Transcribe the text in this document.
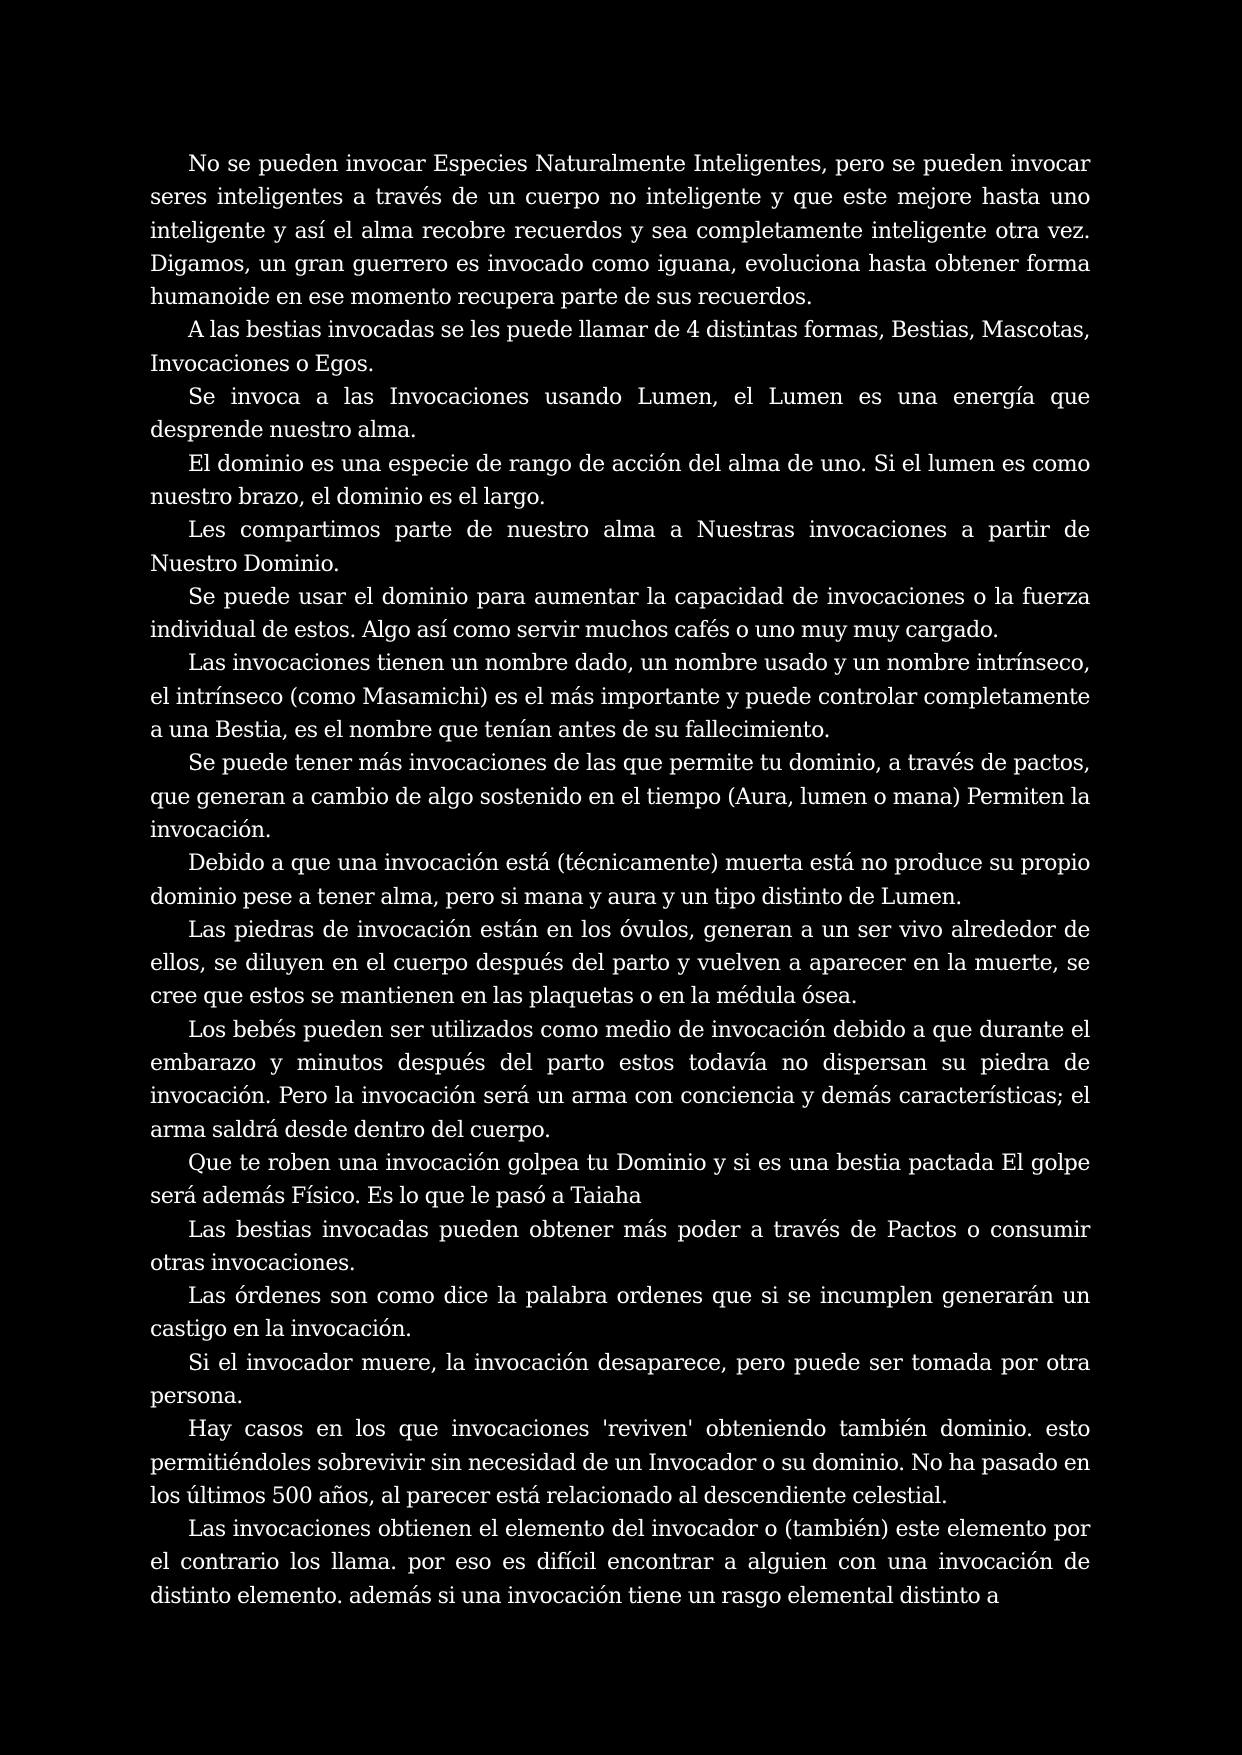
No se pueden invocar Especies Naturalmente Inteligentes, pero se pueden invocar seres inteligentes a través de un cuerpo no inteligente y que este mejore hasta uno inteligente y así el alma recobre recuerdos y sea completamente inteligente otra vez. Digamos, un gran guerrero es invocado como iguana, evoluciona hasta obtener forma humanoide en ese momento recupera parte de sus recuerdos.

A las bestias invocadas se les puede llamar de 4 distintas formas, Bestias, Mascotas, Invocaciones o Egos.

Se invoca a las Invocaciones usando Lumen, el Lumen es una energía que desprende nuestro alma.

El dominio es una especie de rango de acción del alma de uno. Si el lumen es como nuestro brazo, el dominio es el largo.

Les compartimos parte de nuestro alma a Nuestras invocaciones a partir de Nuestro Dominio.

Se puede usar el dominio para aumentar la capacidad de invocaciones o la fuerza individual de estos. Algo así como servir muchos cafés o uno muy muy cargado.

Las invocaciones tienen un nombre dado, un nombre usado y un nombre intrínseco, el intrínseco (como Masamichi) es el más importante y puede controlar completamente a una Bestia, es el nombre que tenían antes de su fallecimiento.

Se puede tener más invocaciones de las que permite tu dominio, a través de pactos, que generan a cambio de algo sostenido en el tiempo (Aura, lumen o mana) Permiten la invocación.

Debido a que una invocación está (técnicamente) muerta está no produce su propio dominio pese a tener alma, pero si mana y aura y un tipo distinto de Lumen.

Las piedras de invocación están en los óvulos, generan a un ser vivo alrededor de ellos, se diluyen en el cuerpo después del parto y vuelven a aparecer en la muerte, se cree que estos se mantienen en las plaquetas o en la médula ósea.

Los bebés pueden ser utilizados como medio de invocación debido a que durante el embarazo y minutos después del parto estos todavía no dispersan su piedra de invocación. Pero la invocación será un arma con conciencia y demás características; el arma saldrá desde dentro del cuerpo.

Que te roben una invocación golpea tu Dominio y si es una bestia pactada El golpe será además Físico. Es lo que le pasó a Taiaha

Las bestias invocadas pueden obtener más poder a través de Pactos o consumir otras invocaciones.

Las órdenes son como dice la palabra ordenes que si se incumplen generarán un castigo en la invocación.

Si el invocador muere, la invocación desaparece, pero puede ser tomada por otra persona.

Hay casos en los que invocaciones 'reviven' obteniendo también dominio. esto permitiéndoles sobrevivir sin necesidad de un Invocador o su dominio. No ha pasado en los últimos 500 años, al parecer está relacionado al descendiente celestial.

Las invocaciones obtienen el elemento del invocador o (también) este elemento por el contrario los llama. por eso es difícil encontrar a alguien con una invocación de distinto elemento. además si una invocación tiene un rasgo elemental distinto a
